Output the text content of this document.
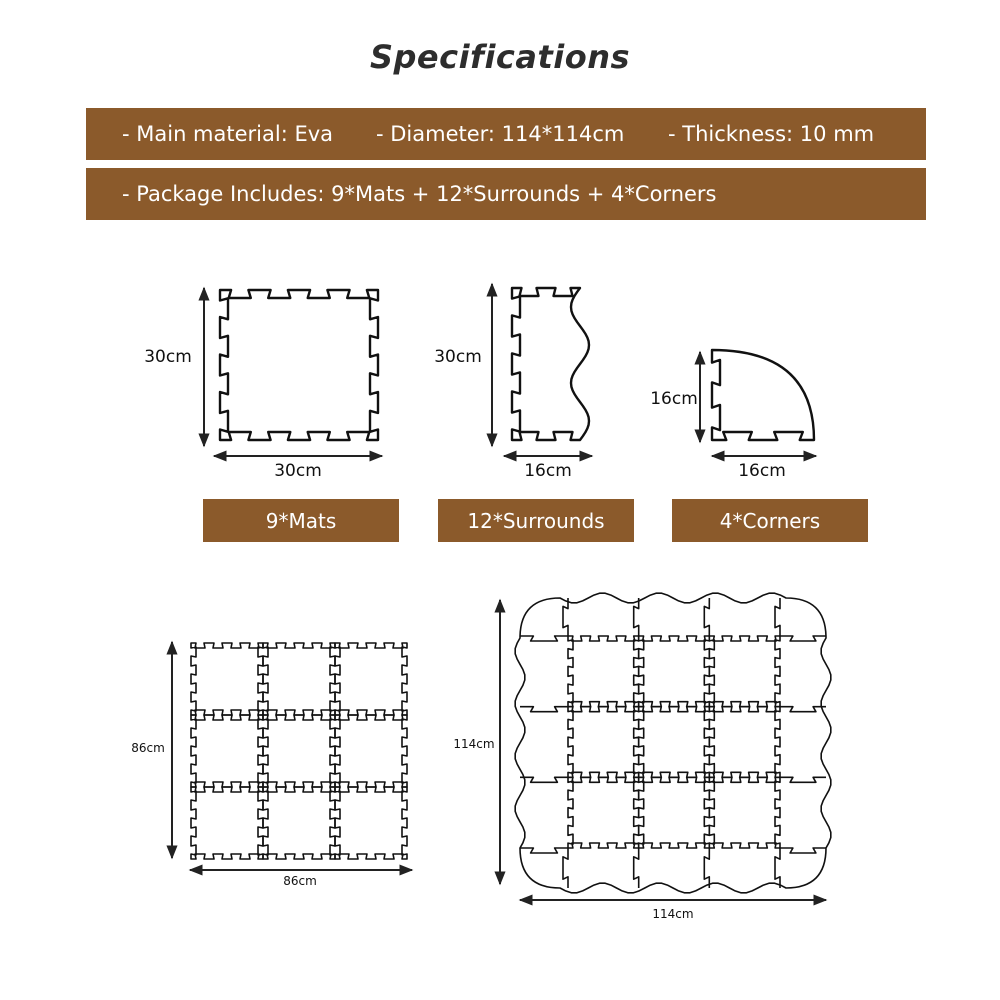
Specifications
- Main material: Eva - Diameter: 114*114cm - Thickness: 10 mm
- Package Includes: 9*Mats + 12*Surrounds + 4*Corners
9*Mats	12*Surrounds	4*Corners
30cm
30cm
30cm
16cm
16cm
16cm
86cm
86cm
114cm
114cm
